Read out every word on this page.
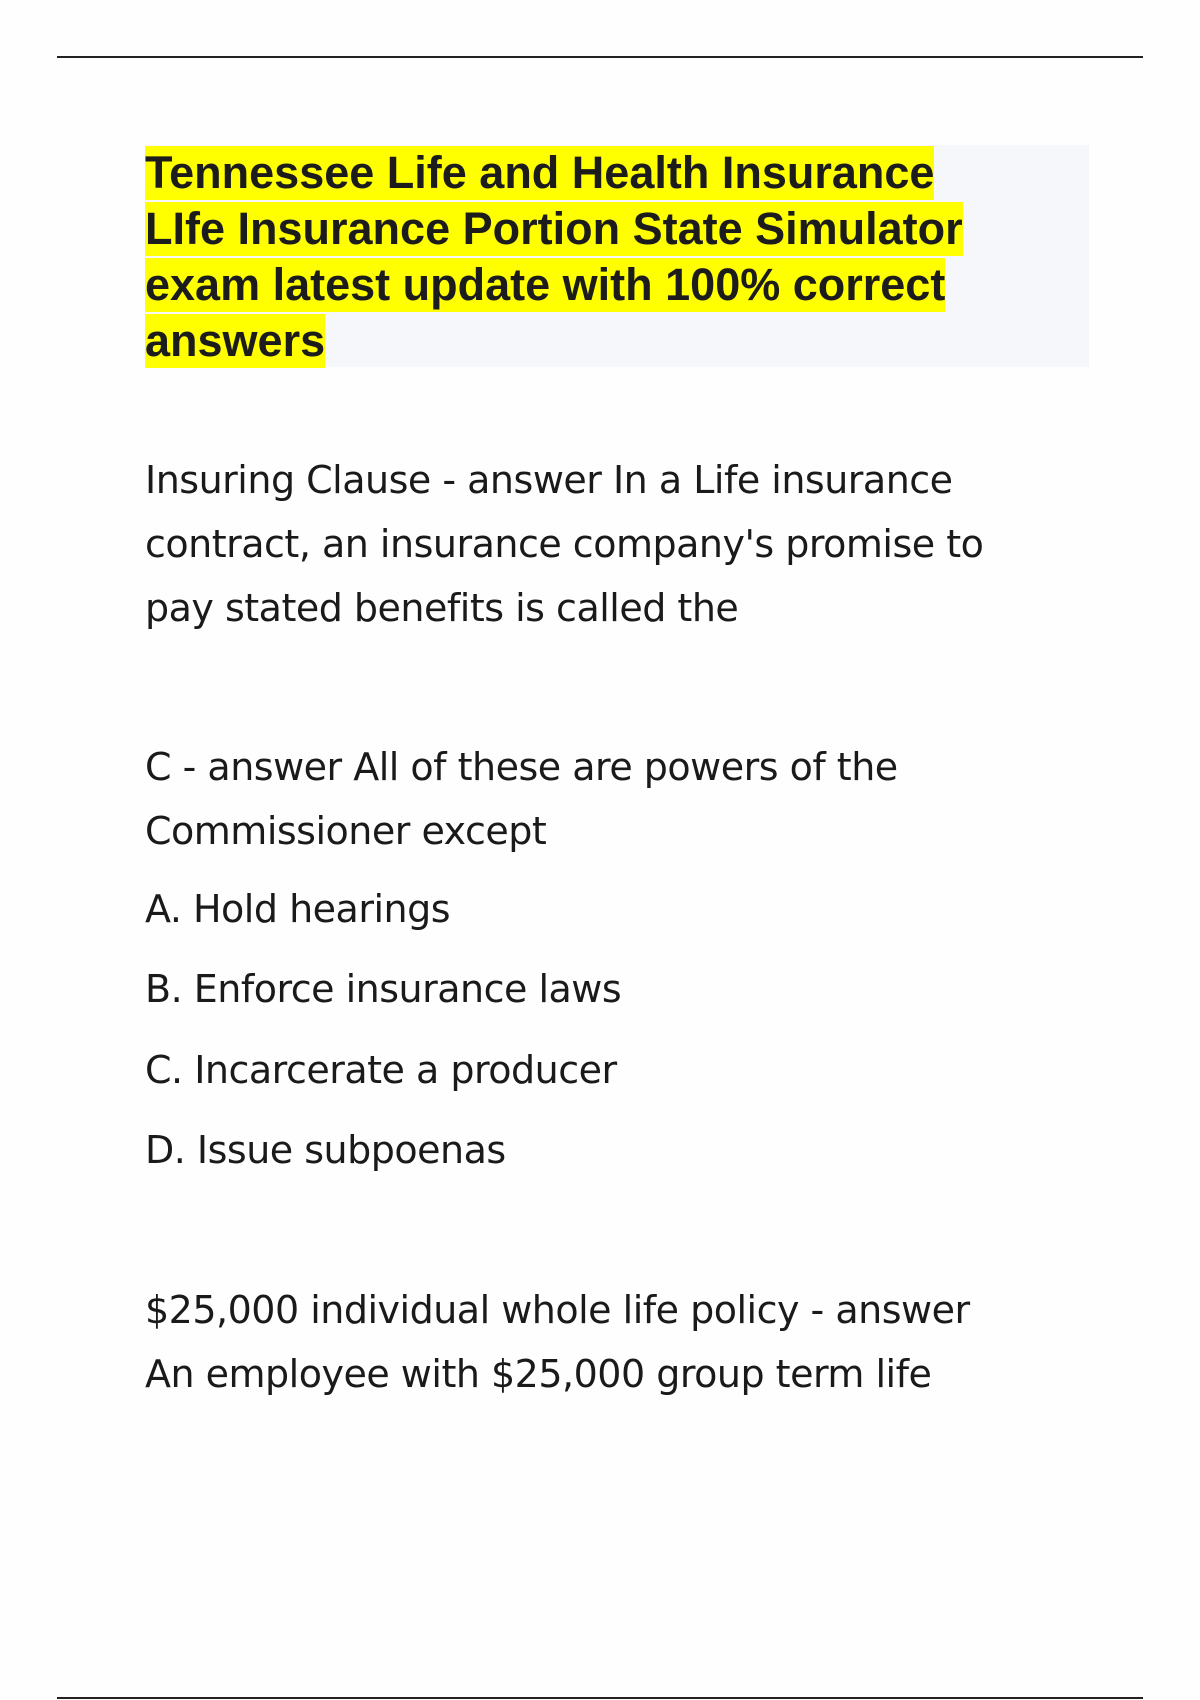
Tennessee Life and Health Insurance
LIfe Insurance Portion State Simulator
exam latest update with 100% correct
answers

Insuring Clause - answer In a Life insurance
contract, an insurance company's promise to
pay stated benefits is called the

C - answer All of these are powers of the
Commissioner except

A. Hold hearings
B. Enforce insurance laws
C. Incarcerate a producer
D. Issue subpoenas

$25,000 individual whole life policy - answer
An employee with $25,000 group term life
